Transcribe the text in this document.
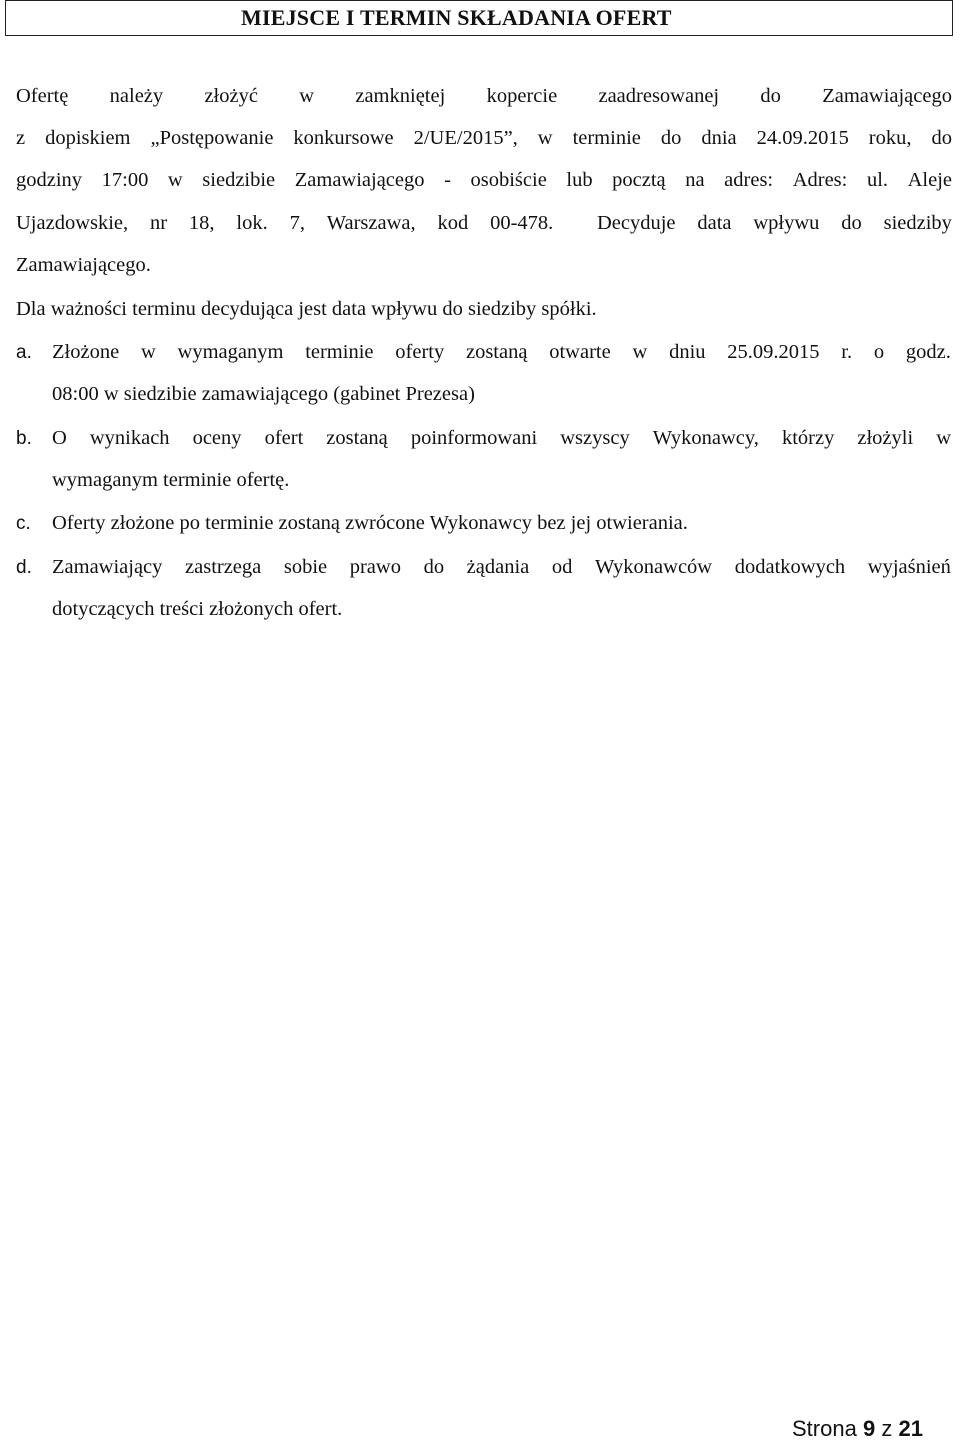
MIEJSCE I TERMIN SKŁADANIA OFERT
Ofertę należy złożyć w zamkniętej kopercie zaadresowanej do Zamawiającego
z dopiskiem „Postępowanie konkursowe 2/UE/2015”, w terminie do dnia 24.09.2015 roku, do
godziny 17:00 w siedzibie Zamawiającego - osobiście lub pocztą na adres: Adres: ul. Aleje
Ujazdowskie, nr 18, lok. 7, Warszawa, kod 00-478. Decyduje data wpływu do siedziby
Zamawiającego.
Dla ważności terminu decydująca jest data wpływu do siedziby spółki.
a. Złożone w wymaganym terminie oferty zostaną otwarte w dniu 25.09.2015 r. o godz.
08:00 w siedzibie zamawiającego (gabinet Prezesa)
b. O wynikach oceny ofert zostaną poinformowani wszyscy Wykonawcy, którzy złożyli w
wymaganym terminie ofertę.
c. Oferty złożone po terminie zostaną zwrócone Wykonawcy bez jej otwierania.
d. Zamawiający zastrzega sobie prawo do żądania od Wykonawców dodatkowych wyjaśnień
dotyczących treści złożonych ofert.
Strona 9 z 21
